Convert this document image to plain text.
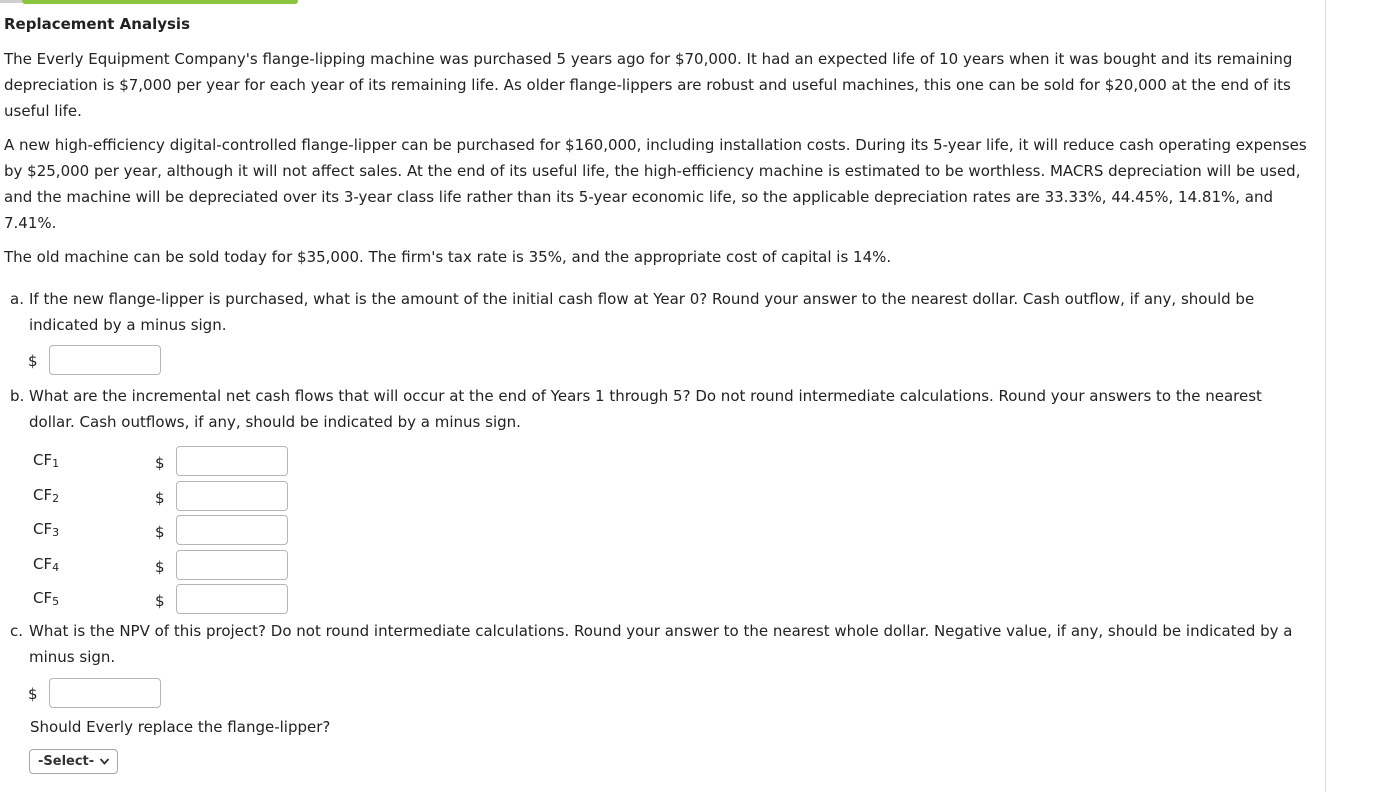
Replacement Analysis

The Everly Equipment Company's flange-lipping machine was purchased 5 years ago for $70,000. It had an expected life of 10 years when it was bought and its remaining depreciation is $7,000 per year for each year of its remaining life. As older flange-lippers are robust and useful machines, this one can be sold for $20,000 at the end of its useful life.

A new high-efficiency digital-controlled flange-lipper can be purchased for $160,000, including installation costs. During its 5-year life, it will reduce cash operating expenses by $25,000 per year, although it will not affect sales. At the end of its useful life, the high-efficiency machine is estimated to be worthless. MACRS depreciation will be used, and the machine will be depreciated over its 3-year class life rather than its 5-year economic life, so the applicable depreciation rates are 33.33%, 44.45%, 14.81%, and 7.41%.

The old machine can be sold today for $35,000. The firm's tax rate is 35%, and the appropriate cost of capital is 14%.

a. If the new flange-lipper is purchased, what is the amount of the initial cash flow at Year 0? Round your answer to the nearest dollar. Cash outflow, if any, should be indicated by a minus sign.
$
b. What are the incremental net cash flows that will occur at the end of Years 1 through 5? Do not round intermediate calculations. Round your answers to the nearest dollar. Cash outflows, if any, should be indicated by a minus sign.
$CF_1$	$
$CF_2$	$
$CF_3$	$
$CF_4$	$
$CF_5$	$
c. What is the NPV of this project? Do not round intermediate calculations. Round your answer to the nearest whole dollar. Negative value, if any, should be indicated by a minus sign.
$
Should Everly replace the flange-lipper?
-Select-
